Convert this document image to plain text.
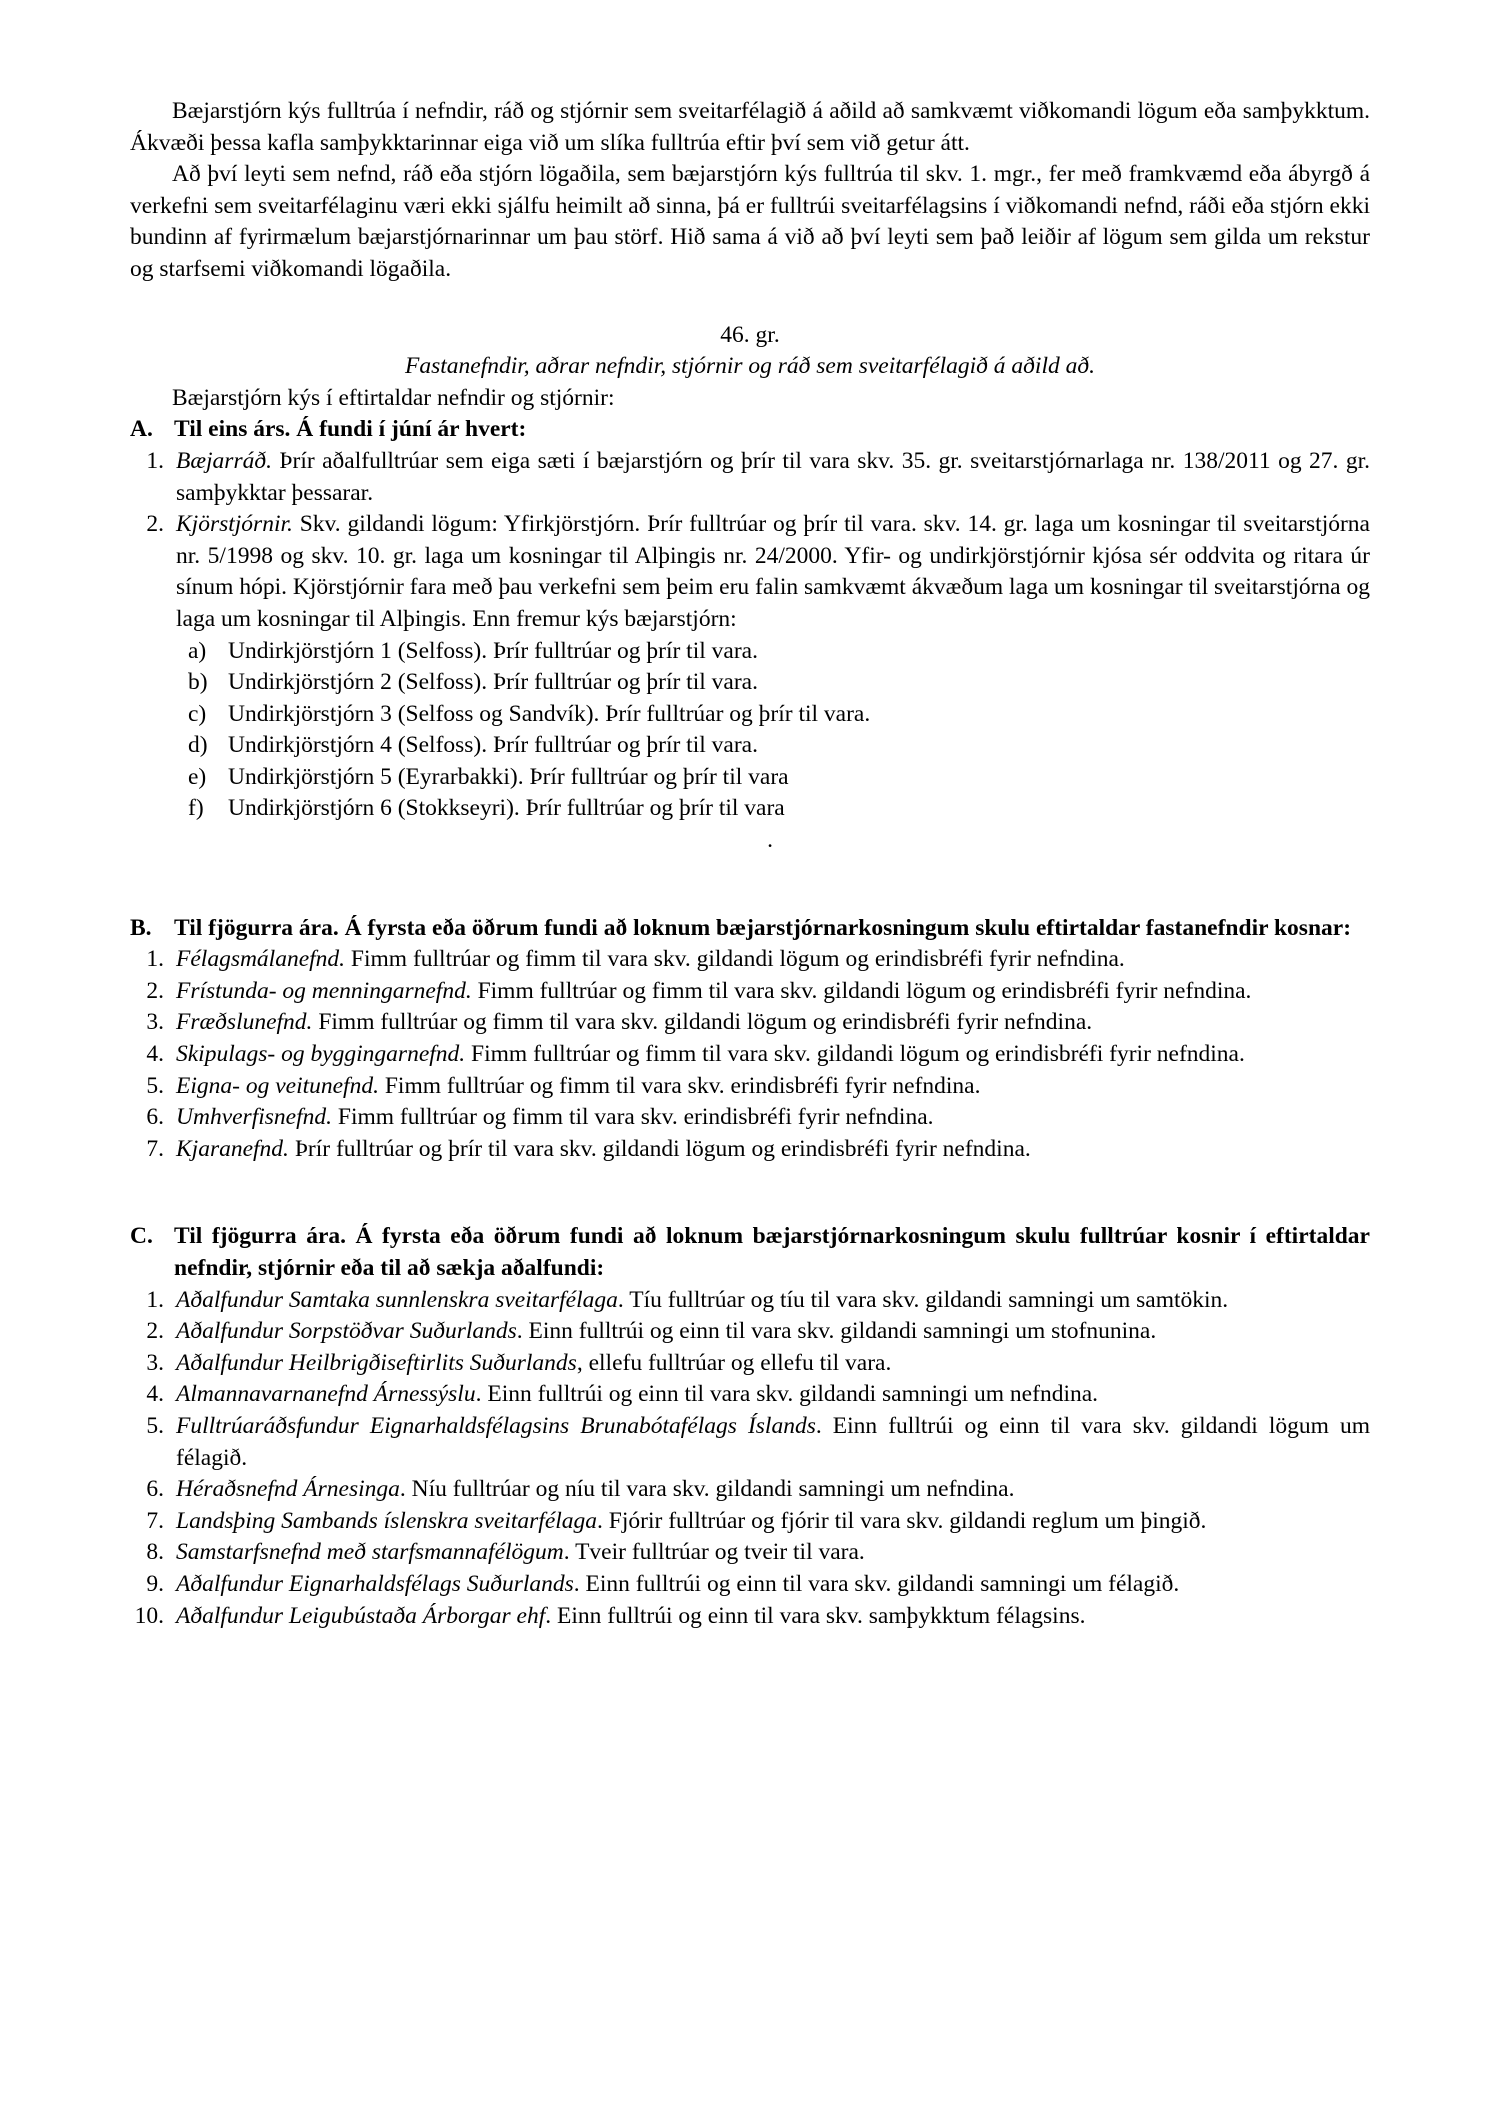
Bæjarstjórn kýs fulltrúa í nefndir, ráð og stjórnir sem sveitarfélagið á aðild að samkvæmt viðkomandi lögum eða samþykktum. Ákvæði þessa kafla samþykktarinnar eiga við um slíka fulltrúa eftir því sem við getur átt.

Að því leyti sem nefnd, ráð eða stjórn lögaðila, sem bæjarstjórn kýs fulltrúa til skv. 1. mgr., fer með framkvæmd eða ábyrgð á verkefni sem sveitarfélaginu væri ekki sjálfu heimilt að sinna, þá er fulltrúi sveitarfélagsins í viðkomandi nefnd, ráði eða stjórn ekki bundinn af fyrirmælum bæjarstjórnarinnar um þau störf. Hið sama á við að því leyti sem það leiðir af lögum sem gilda um rekstur og starfsemi viðkomandi lögaðila.

46. gr.

Fastanefndir, aðrar nefndir, stjórnir og ráð sem sveitarfélagið á aðild að.

Bæjarstjórn kýs í eftirtaldar nefndir og stjórnir:

A. Til eins árs. Á fundi í júní ár hvert:
1. Bæjarráð. Þrír aðalfulltrúar sem eiga sæti í bæjarstjórn og þrír til vara skv. 35. gr. sveitarstjórnarlaga nr. 138/2011 og 27. gr. samþykktar þessarar.
2. Kjörstjórnir. Skv. gildandi lögum: Yfirkjörstjórn. Þrír fulltrúar og þrír til vara. skv. 14. gr. laga um kosningar til sveitarstjórna nr. 5/1998 og skv. 10. gr. laga um kosningar til Alþingis nr. 24/2000. Yfir- og undirkjörstjórnir kjósa sér oddvita og ritara úr sínum hópi. Kjörstjórnir fara með þau verkefni sem þeim eru falin samkvæmt ákvæðum laga um kosningar til sveitarstjórna og laga um kosningar til Alþingis. Enn fremur kýs bæjarstjórn:
a) Undirkjörstjórn 1 (Selfoss). Þrír fulltrúar og þrír til vara.
b) Undirkjörstjórn 2 (Selfoss). Þrír fulltrúar og þrír til vara.
c) Undirkjörstjórn 3 (Selfoss og Sandvík). Þrír fulltrúar og þrír til vara.
d) Undirkjörstjórn 4 (Selfoss). Þrír fulltrúar og þrír til vara.
e) Undirkjörstjórn 5 (Eyrarbakki). Þrír fulltrúar og þrír til vara
f)	Undirkjörstjórn 6 (Stokkseyri). Þrír fulltrúar og þrír til vara

.

B. Til fjögurra ára. Á fyrsta eða öðrum fundi að loknum bæjarstjórnarkosningum skulu eftirtaldar fastanefndir kosnar:
1. Félagsmálanefnd. Fimm fulltrúar og fimm til vara skv. gildandi lögum og erindisbréfi fyrir nefndina.
2. Frístunda- og menningarnefnd. Fimm fulltrúar og fimm til vara skv. gildandi lögum og erindisbréfi fyrir nefndina.
3. Fræðslunefnd. Fimm fulltrúar og fimm til vara skv. gildandi lögum og erindisbréfi fyrir nefndina.
4. Skipulags- og byggingarnefnd. Fimm fulltrúar og fimm til vara skv. gildandi lögum og erindisbréfi fyrir nefndina.
5. Eigna- og veitunefnd. Fimm fulltrúar og fimm til vara skv. erindisbréfi fyrir nefndina.
6. Umhverfisnefnd. Fimm fulltrúar og fimm til vara skv. erindisbréfi fyrir nefndina.
7. Kjaranefnd. Þrír fulltrúar og þrír til vara skv. gildandi lögum og erindisbréfi fyrir nefndina.
C. Til fjögurra ára. Á fyrsta eða öðrum fundi að loknum bæjarstjórnarkosningum skulu fulltrúar kosnir í eftirtaldar nefndir, stjórnir eða til að sækja aðalfundi:
1. Aðalfundur Samtaka sunnlenskra sveitarfélaga. Tíu fulltrúar og tíu til vara skv. gildandi samningi um samtökin.
2. Aðalfundur Sorpstöðvar Suðurlands. Einn fulltrúi og einn til vara skv. gildandi samningi um stofnunina.
3. Aðalfundur Heilbrigðiseftirlits Suðurlands, ellefu fulltrúar og ellefu til vara.
4. Almannavarnanefnd Árnessýslu. Einn fulltrúi og einn til vara skv. gildandi samningi um nefndina.
5. Fulltrúaráðsfundur Eignarhaldsfélagsins Brunabótafélags Íslands. Einn fulltrúi og einn til vara skv. gildandi lögum um félagið.
6. Héraðsnefnd Árnesinga. Níu fulltrúar og níu til vara skv. gildandi samningi um nefndina.
7. Landsþing Sambands íslenskra sveitarfélaga. Fjórir fulltrúar og fjórir til vara skv. gildandi reglum um þingið.
8. Samstarfsnefnd með starfsmannafélögum. Tveir fulltrúar og tveir til vara.
9. Aðalfundur Eignarhaldsfélags Suðurlands. Einn fulltrúi og einn til vara skv. gildandi samningi um félagið.
10. Aðalfundur Leigubústaða Árborgar ehf. Einn fulltrúi og einn til vara skv. samþykktum félagsins.
